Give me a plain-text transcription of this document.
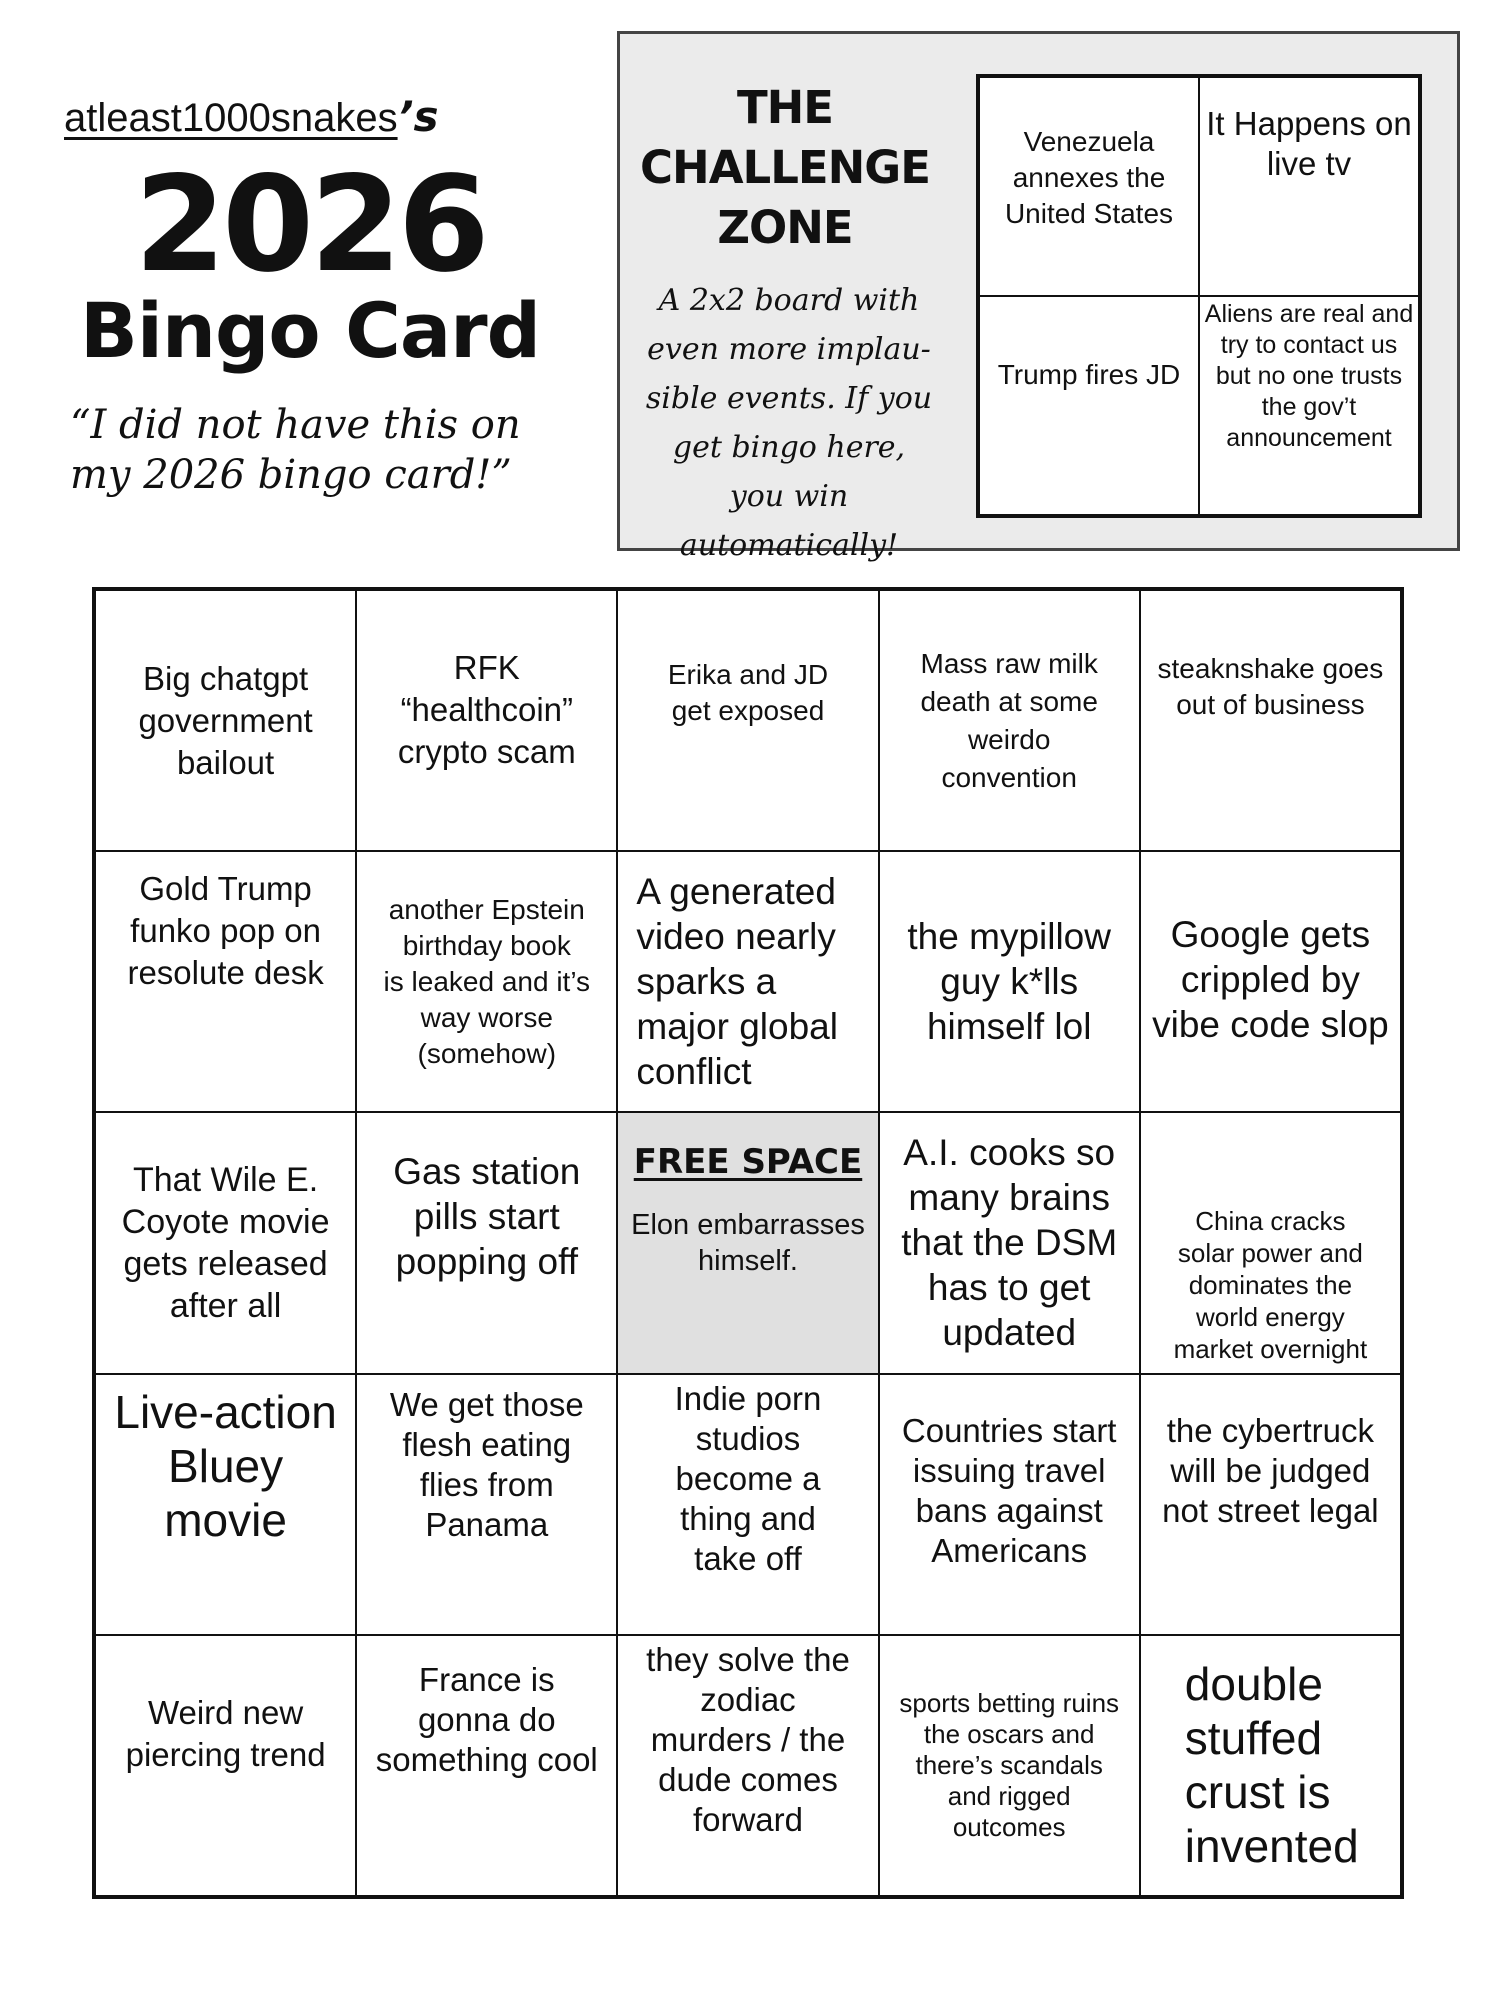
atleast1000snakes’s
2026
Bingo Card
“I did not have this on my 2026 bingo card!”
THE CHALLENGE ZONE
A 2x2 board with even more implau-sible events. If you get bingo here, you win automatically!
Venezuela annexes the United States
It Happens on live tv
Trump fires JD
Aliens are real and try to contact us but no one trusts the gov’t announcement
Big chatgpt
government
bailout
RFK
“healthcoin”
crypto scam
Erika and JD
get exposed
Mass raw milk
death at some
weirdo
convention
steaknshake goes
out of business
Gold Trump
funko pop on
resolute desk
another Epstein
birthday book
is leaked and it’s
way worse
(somehow)
A generated
video nearly
sparks a
major global
conflict
the mypillow
guy k*lls
himself lol
Google gets
crippled by
vibe code slop
That Wile E.
Coyote movie
gets released
after all
Gas station
pills start
popping off
FREE SPACE
Elon embarrasses himself.
A.I. cooks so
many brains
that the DSM
has to get
updated
China cracks
solar power and
dominates the
world energy
market overnight
Live-action
Bluey
movie
We get those
flesh eating
flies from
Panama
Indie porn
studios
become a
thing and
take off
Countries start
issuing travel
bans against
Americans
the cybertruck
will be judged
not street legal
Weird new
piercing trend
France is
gonna do
something cool
they solve the
zodiac
murders / the
dude comes
forward
sports betting ruins
the oscars and
there’s scandals
and rigged
outcomes
double
stuffed
crust is
invented
